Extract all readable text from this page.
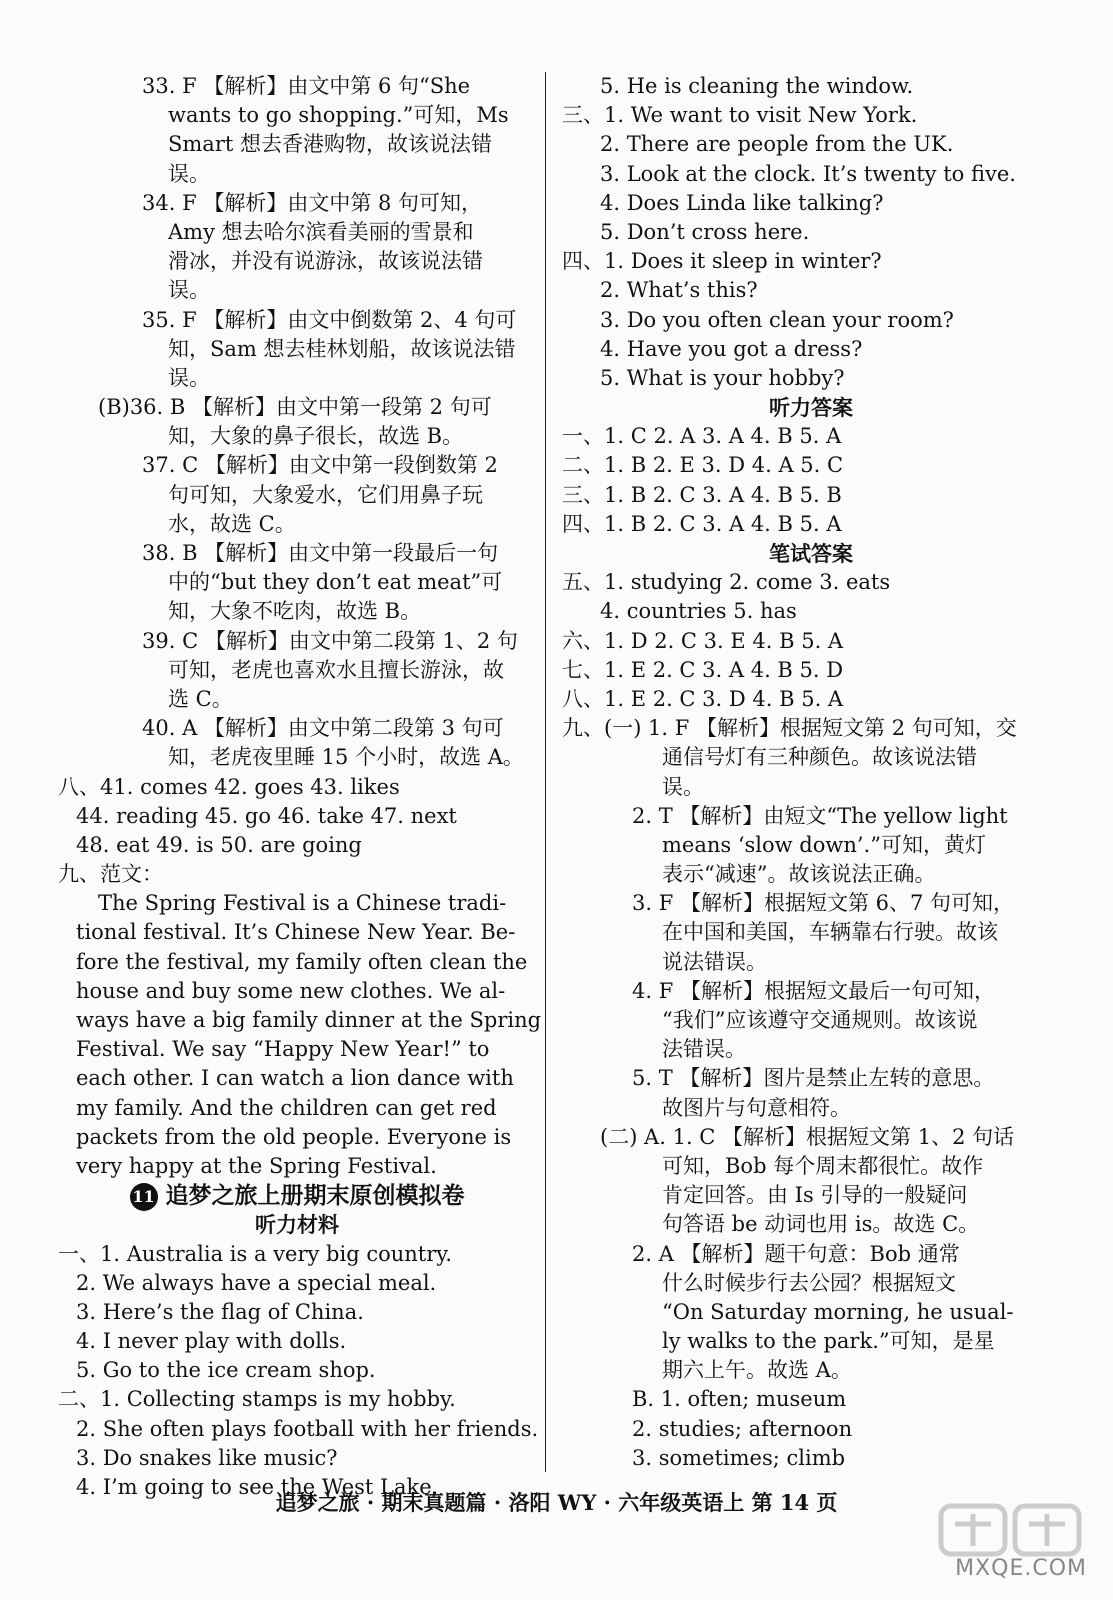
33. F 【解析】由文中第 6 句“She
wants to go shopping.”可知，Ms
Smart 想去香港购物，故该说法错
误。
34. F 【解析】由文中第 8 句可知，
Amy 想去哈尔滨看美丽的雪景和
滑冰，并没有说游泳，故该说法错
误。
35. F 【解析】由文中倒数第 2、4 句可
知，Sam 想去桂林划船，故该说法错
误。
(B)36. B 【解析】由文中第一段第 2 句可
知，大象的鼻子很长，故选 B。
37. C 【解析】由文中第一段倒数第 2
句可知，大象爱水，它们用鼻子玩
水，故选 C。
38. B 【解析】由文中第一段最后一句
中的“but they don’t eat meat”可
知，大象不吃肉，故选 B。
39. C 【解析】由文中第二段第 1、2 句
可知，老虎也喜欢水且擅长游泳，故
选 C。
40. A 【解析】由文中第二段第 3 句可
知，老虎夜里睡 15 个小时，故选 A。
八、41. comes 42. goes 43. likes
44. reading 45. go 46. take 47. next
48. eat 49. is 50. are going
九、范文：
The Spring Festival is a Chinese tradi-
tional festival. It’s Chinese New Year. Be-
fore the festival, my family often clean the
house and buy some new clothes. We al-
ways have a big family dinner at the Spring
Festival. We say “Happy New Year!” to
each other. I can watch a lion dance with
my family. And the children can get red
packets from the old people. Everyone is
very happy at the Spring Festival.
11 追梦之旅上册期末原创模拟卷
听力材料
一、1. Australia is a very big country.
2. We always have a special meal.
3. Here’s the flag of China.
4. I never play with dolls.
5. Go to the ice cream shop.
二、1. Collecting stamps is my hobby.
2. She often plays football with her friends.
3. Do snakes like music?
4. I’m going to see the West Lake.
5. He is cleaning the window.
三、1. We want to visit New York.
2. There are people from the UK.
3. Look at the clock. It’s twenty to five.
4. Does Linda like talking?
5. Don’t cross here.
四、1. Does it sleep in winter?
2. What’s this?
3. Do you often clean your room?
4. Have you got a dress?
5. What is your hobby?
听力答案
一、1. C 2. A 3. A 4. B 5. A
二、1. B 2. E 3. D 4. A 5. C
三、1. B 2. C 3. A 4. B 5. B
四、1. B 2. C 3. A 4. B 5. A
笔试答案
五、1. studying 2. come 3. eats
4. countries 5. has
六、1. D 2. C 3. E 4. B 5. A
七、1. E 2. C 3. A 4. B 5. D
八、1. E 2. C 3. D 4. B 5. A
九、(一) 1. F 【解析】根据短文第 2 句可知，交
通信号灯有三种颜色。故该说法错
误。
2. T 【解析】由短文“The yellow light
means ‘slow down’.”可知，黄灯
表示“减速”。故该说法正确。
3. F 【解析】根据短文第 6、7 句可知，
在中国和美国，车辆靠右行驶。故该
说法错误。
4. F 【解析】根据短文最后一句可知，
“我们”应该遵守交通规则。故该说
法错误。
5. T 【解析】图片是禁止左转的意思。
故图片与句意相符。
(二) A. 1. C 【解析】根据短文第 1、2 句话
可知，Bob 每个周末都很忙。故作
肯定回答。由 Is 引导的一般疑问
句答语 be 动词也用 is。故选 C。
2. A 【解析】题干句意：Bob 通常
什么时候步行去公园？根据短文
“On Saturday morning, he usual-
ly walks to the park.”可知，是星
期六上午。故选 A。
B. 1. often; museum
2. studies; afternoon
3. sometimes; climb
追梦之旅 · 期末真题篇 · 洛阳 WY · 六年级英语上 第 14 页
MXQE.COM
